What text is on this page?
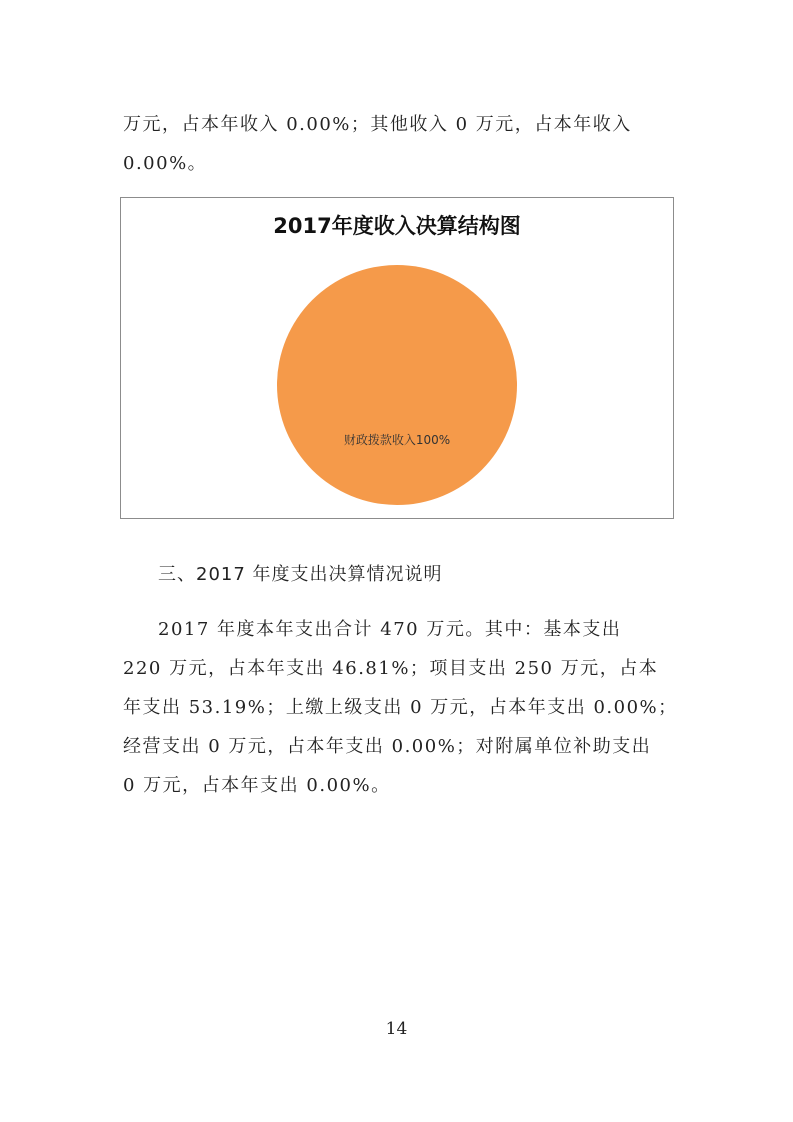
万元，占本年收入 0.00%；其他收入 0 万元，占本年收入
0.00%。
2017年度收入决算结构图
财政拨款收入100%
三、2017 年度支出决算情况说明
2017 年度本年支出合计 470 万元。其中：基本支出
220 万元，占本年支出 46.81%；项目支出 250 万元，占本
年支出 53.19%；上缴上级支出 0 万元，占本年支出 0.00%；
经营支出 0 万元，占本年支出 0.00%；对附属单位补助支出
0 万元，占本年支出 0.00%。
14
